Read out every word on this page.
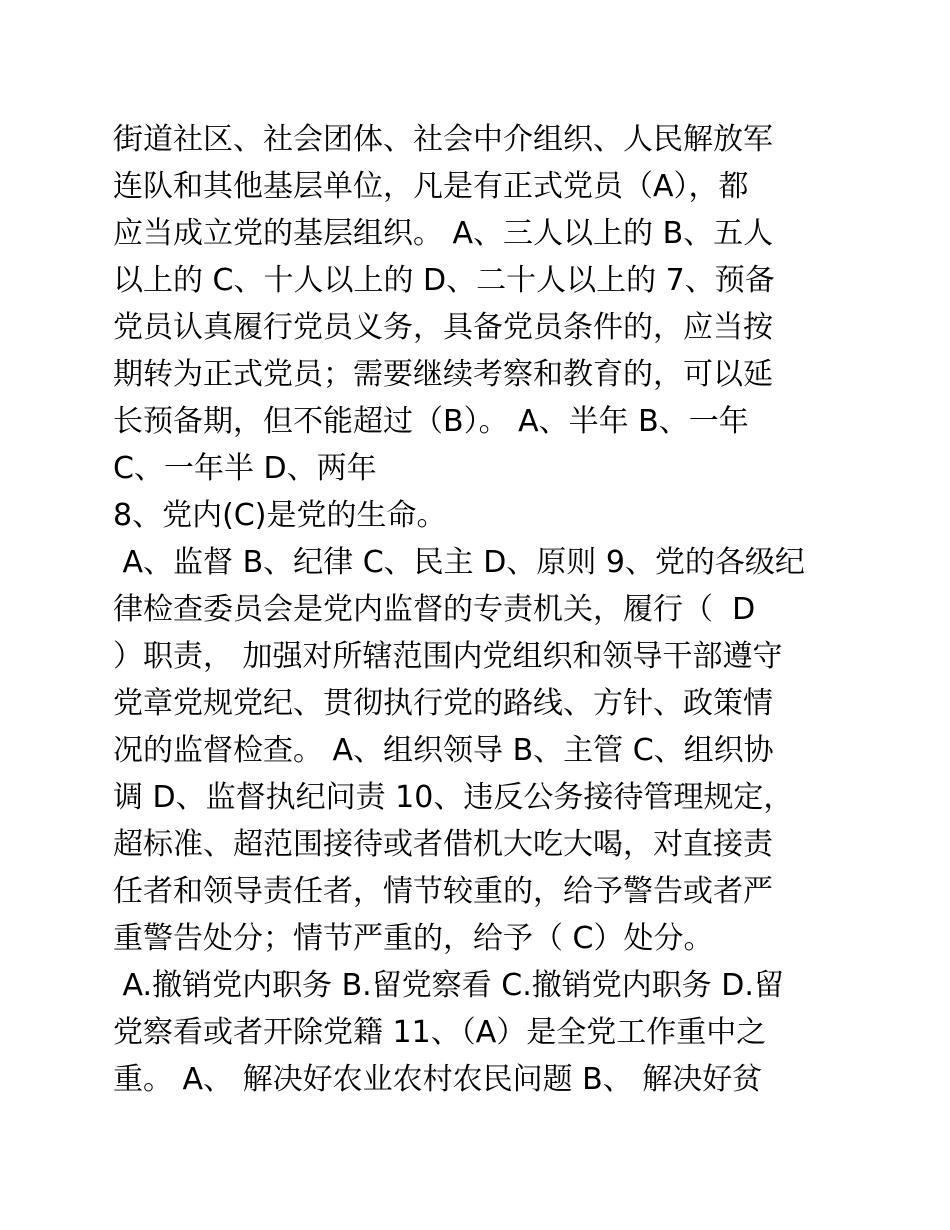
街道社区、社会团体、社会中介组织、人民解放军
连队和其他基层单位，凡是有正式党员（A），都
应当成立党的基层组织。 A、三人以上的 B、五人
以上的 C、十人以上的 D、二十人以上的 7、预备
党员认真履行党员义务，具备党员条件的，应当按
期转为正式党员；需要继续考察和教育的，可以延
长预备期，但不能超过（B）。 A、半年 B、一年
C、一年半 D、两年
8、党内(C)是党的生命。
A、监督 B、纪律 C、民主 D、原则 9、党的各级纪
律检查委员会是党内监督的专责机关，履行（  D
）职责， 加强对所辖范围内党组织和领导干部遵守
党章党规党纪、贯彻执行党的路线、方针、政策情
况的监督检查。 A、组织领导 B、主管 C、组织协
调 D、监督执纪问责 10、违反公务接待管理规定，
超标准、超范围接待或者借机大吃大喝，对直接责
任者和领导责任者，情节较重的，给予警告或者严
重警告处分；情节严重的，给予（ C）处分。
A.撤销党内职务 B.留党察看 C.撤销党内职务 D.留
党察看或者开除党籍 11、（A）是全党工作重中之
重。 A、 解决好农业农村农民问题 B、 解决好贫
